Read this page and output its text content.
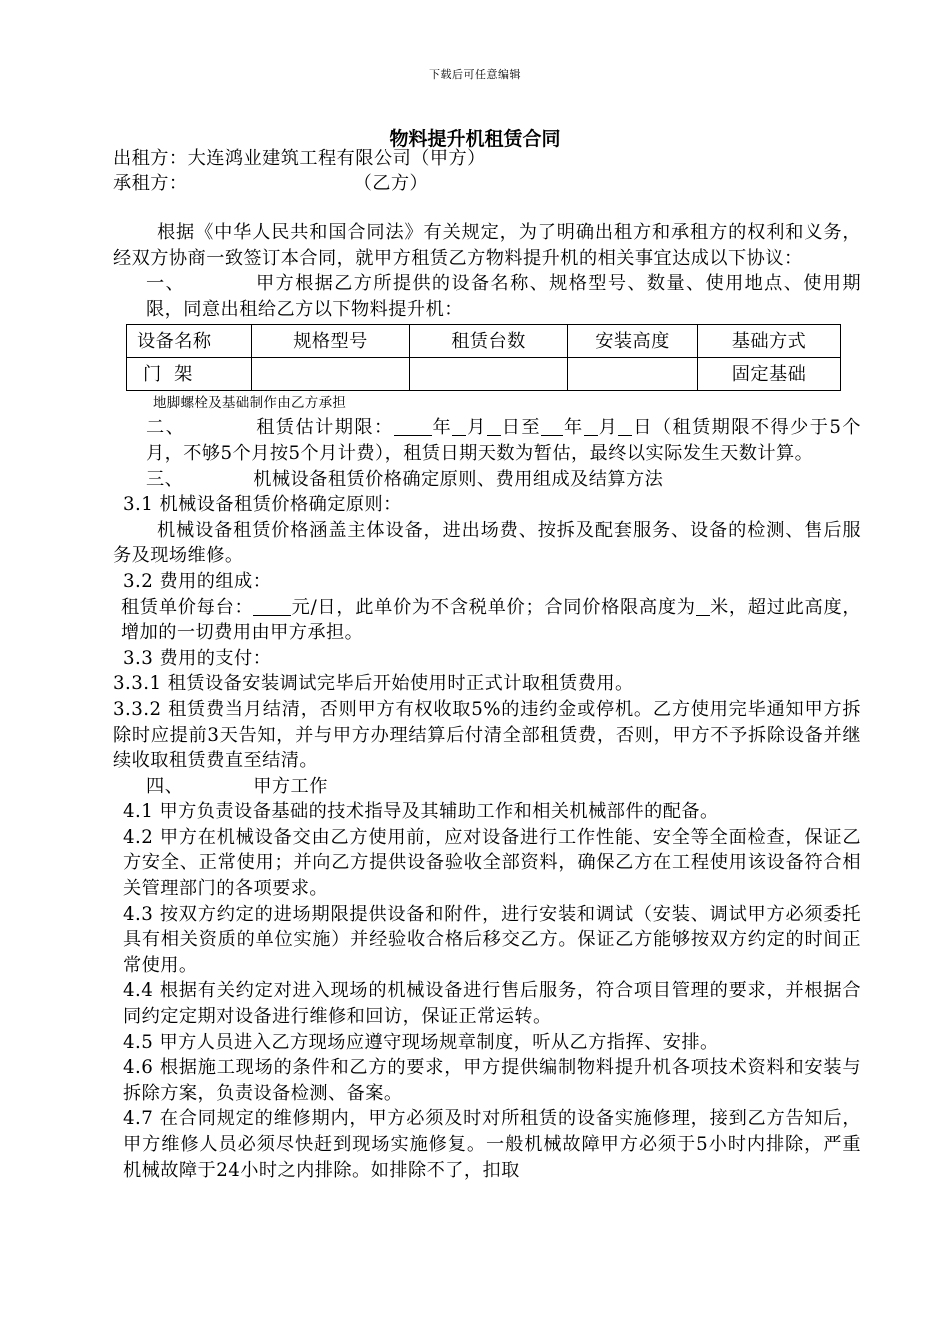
下载后可任意编辑
物料提升机租赁合同

出租方：大连鸿业建筑工程有限公司（甲方）

承租方：	（乙方）

根据《中华人民共和国合同法》有关规定，为了明确出租方和承租方的权利和义务，经双方协商一致签订本合同，就甲方租赁乙方物料提升机的相关事宜达成以下协议：

一、	甲方根据乙方所提供的设备名称、规格型号、数量、使用地点、使用期限，同意出租给乙方以下物料提升机：

设备名称	规格型号	租赁台数	安装高度	基础方式
门  架				固定基础

地脚螺栓及基础制作由乙方承担

二、	租赁估计期限： 年 月 日至 年 月 日（租赁期限不得少于5个月，不够5个月按5个月计费），租赁日期天数为暂估，最终以实际发生天数计算。

三、	机械设备租赁价格确定原则、费用组成及结算方法

3.1 机械设备租赁价格确定原则：

机械设备租赁价格涵盖主体设备，进出场费、按拆及配套服务、设备的检测、售后服务及现场维修。

3.2 费用的组成：

租赁单价每台： 元/日，此单价为不含税单价；合同价格限高度为 米，超过此高度，增加的一切费用由甲方承担。

3.3 费用的支付：

3.3.1 租赁设备安装调试完毕后开始使用时正式计取租赁费用。

3.3.2 租赁费当月结清，否则甲方有权收取5%的违约金或停机。乙方使用完毕通知甲方拆除时应提前3天告知，并与甲方办理结算后付清全部租赁费，否则，甲方不予拆除设备并继续收取租赁费直至结清。

四、	甲方工作

4.1 甲方负责设备基础的技术指导及其辅助工作和相关机械部件的配备。

4.2 甲方在机械设备交由乙方使用前，应对设备进行工作性能、安全等全面检查，保证乙方安全、正常使用；并向乙方提供设备验收全部资料，确保乙方在工程使用该设备符合相关管理部门的各项要求。

4.3 按双方约定的进场期限提供设备和附件，进行安装和调试（安装、调试甲方必须委托具有相关资质的单位实施）并经验收合格后移交乙方。保证乙方能够按双方约定的时间正常使用。

4.4 根据有关约定对进入现场的机械设备进行售后服务，符合项目管理的要求，并根据合同约定定期对设备进行维修和回访，保证正常运转。

4.5 甲方人员进入乙方现场应遵守现场规章制度，听从乙方指挥、安排。

4.6 根据施工现场的条件和乙方的要求，甲方提供编制物料提升机各项技术资料和安装与拆除方案，负责设备检测、备案。

4.7 在合同规定的维修期内，甲方必须及时对所租赁的设备实施修理，接到乙方告知后，甲方维修人员必须尽快赶到现场实施修复。一般机械故障甲方必须于5小时内排除，严重机械故障于24小时之内排除。如排除不了，扣取
